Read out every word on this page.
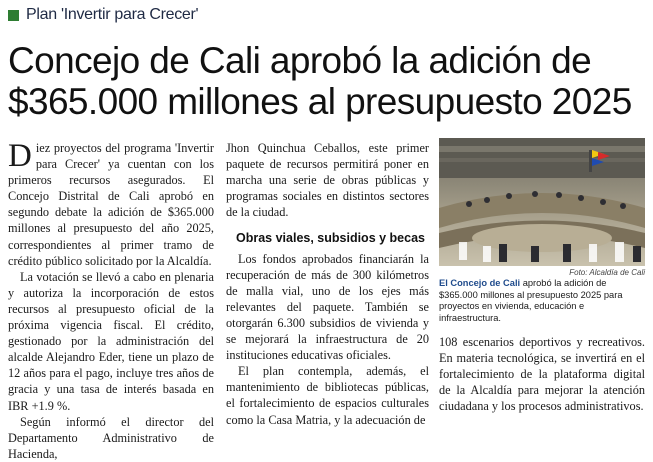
Plan 'Invertir para Crecer'
Concejo de Cali aprobó la adición de $365.000 millones al presupuesto 2025

Diez proyectos del programa 'Invertir para Crecer' ya cuentan con los primeros recursos asegurados. El Concejo Distrital de Cali aprobó en segundo debate la adición de $365.000 millones al presupuesto del año 2025, correspondientes al primer tramo de crédito público solicitado por la Alcaldía.

La votación se llevó a cabo en plenaria y autoriza la incorporación de estos recursos al presupuesto oficial de la próxima vigencia fiscal. El crédito, gestionado por la administración del alcalde Alejandro Eder, tiene un plazo de 12 años para el pago, incluye tres años de gracia y una tasa de interés basada en IBR +1.9 %.

Según informó el director del Departamento Administrativo de Hacienda,

Jhon Quinchua Ceballos, este primer paquete de recursos permitirá poner en marcha una serie de obras públicas y programas sociales en distintos sectores de la ciudad.

Obras viales, subsidios y becas

Los fondos aprobados financiarán la recuperación de más de 300 kilómetros de malla vial, uno de los ejes más relevantes del paquete. También se otorgarán 6.300 subsidios de vivienda y se mejorará la infraestructura de 20 instituciones educativas oficiales.

El plan contempla, además, el mantenimiento de bibliotecas públicas, el fortalecimiento de espacios culturales como la Casa Matria, y la adecuación de

Foto: Alcaldía de Cali
El Concejo de Cali aprobó la adición de $365.000 millones al presupuesto 2025 para proyectos en vivienda, educación e infraestructura.

108 escenarios deportivos y recreativos. En materia tecnológica, se invertirá en el fortalecimiento de la plataforma digital de la Alcaldía para mejorar la atención ciudadana y los procesos administrativos.
